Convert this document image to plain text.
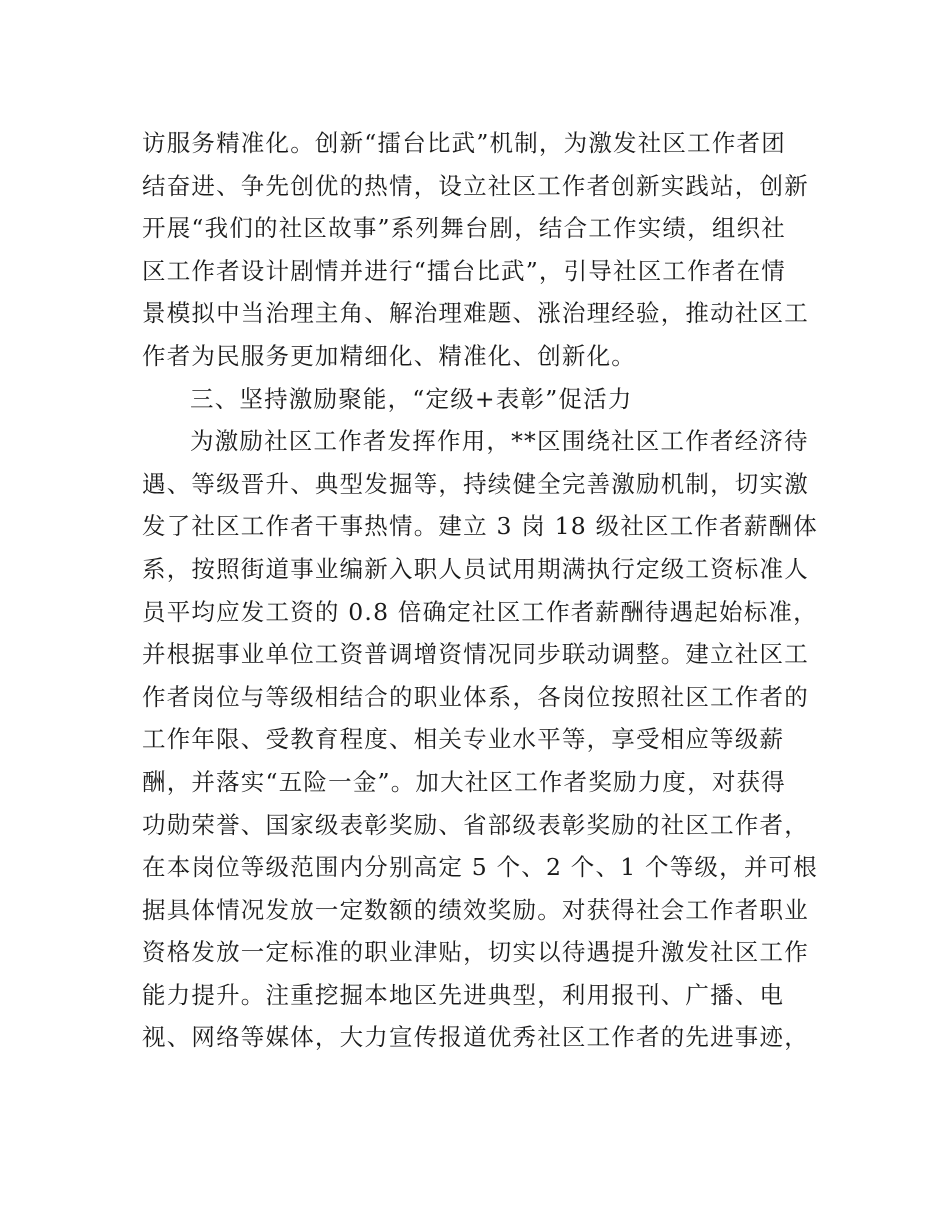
访服务精准化。创新“擂台比武”机制，为激发社区工作者团
结奋进、争先创优的热情，设立社区工作者创新实践站，创新
开展“我们的社区故事”系列舞台剧，结合工作实绩，组织社
区工作者设计剧情并进行“擂台比武”，引导社区工作者在情
景模拟中当治理主角、解治理难题、涨治理经验，推动社区工
作者为民服务更加精细化、精准化、创新化。
三、坚持激励聚能，“定级+表彰”促活力
为激励社区工作者发挥作用，**区围绕社区工作者经济待
遇、等级晋升、典型发掘等，持续健全完善激励机制，切实激
发了社区工作者干事热情。建立 3 岗 18 级社区工作者薪酬体
系，按照街道事业编新入职人员试用期满执行定级工资标准人
员平均应发工资的 0.8 倍确定社区工作者薪酬待遇起始标准，
并根据事业单位工资普调增资情况同步联动调整。建立社区工
作者岗位与等级相结合的职业体系，各岗位按照社区工作者的
工作年限、受教育程度、相关专业水平等，享受相应等级薪
酬，并落实“五险一金”。加大社区工作者奖励力度，对获得
功勋荣誉、国家级表彰奖励、省部级表彰奖励的社区工作者，
在本岗位等级范围内分别高定 5 个、2 个、1 个等级，并可根
据具体情况发放一定数额的绩效奖励。对获得社会工作者职业
资格发放一定标准的职业津贴，切实以待遇提升激发社区工作
能力提升。注重挖掘本地区先进典型，利用报刊、广播、电
视、网络等媒体，大力宣传报道优秀社区工作者的先进事迹，
